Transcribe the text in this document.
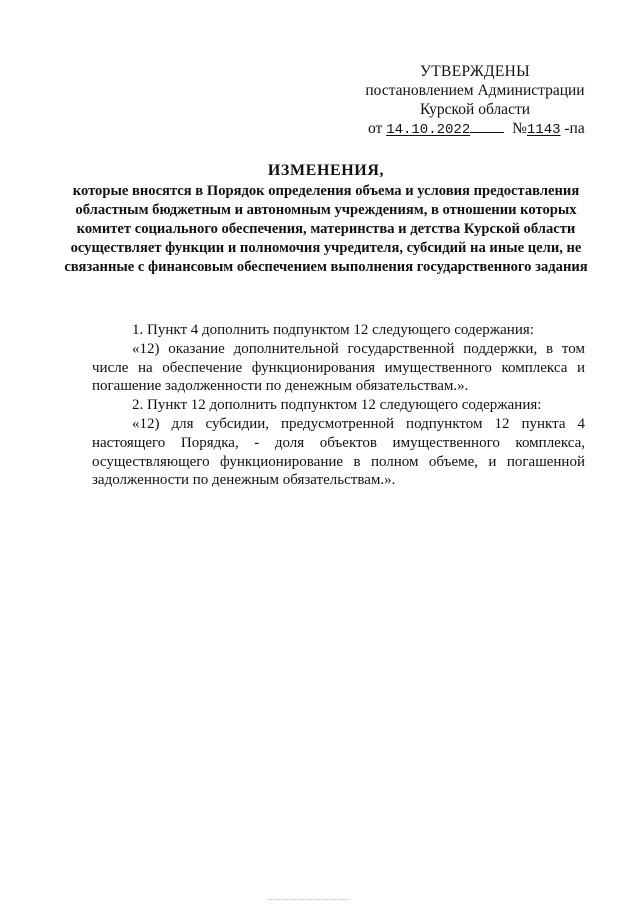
УТВЕРЖДЕНЫ
постановлением Администрации
Курской области
от 14.10.2022	№1143 -па
ИЗМЕНЕНИЯ,
которые вносятся в Порядок определения объема и условия предоставления областным бюджетным и автономным учреждениям, в отношении которых комитет социального обеспечения, материнства и детства Курской области осуществляет функции и полномочия учредителя, субсидий на иные цели, не связанные с финансовым обеспечением выполнения государственного задания

1. Пункт 4 дополнить подпунктом 12 следующего содержания:

«12) оказание дополнительной государственной поддержки, в том числе на обеспечение функционирования имущественного комплекса и погашение задолженности по денежным обязательствам.».

2. Пункт 12 дополнить подпунктом 12 следующего содержания:

«12) для субсидии, предусмотренной подпунктом 12 пункта 4 настоящего Порядка, - доля объектов имущественного комплекса, осуществляющего функционирование в полном объеме, и погашенной задолженности по денежным обязательствам.».
